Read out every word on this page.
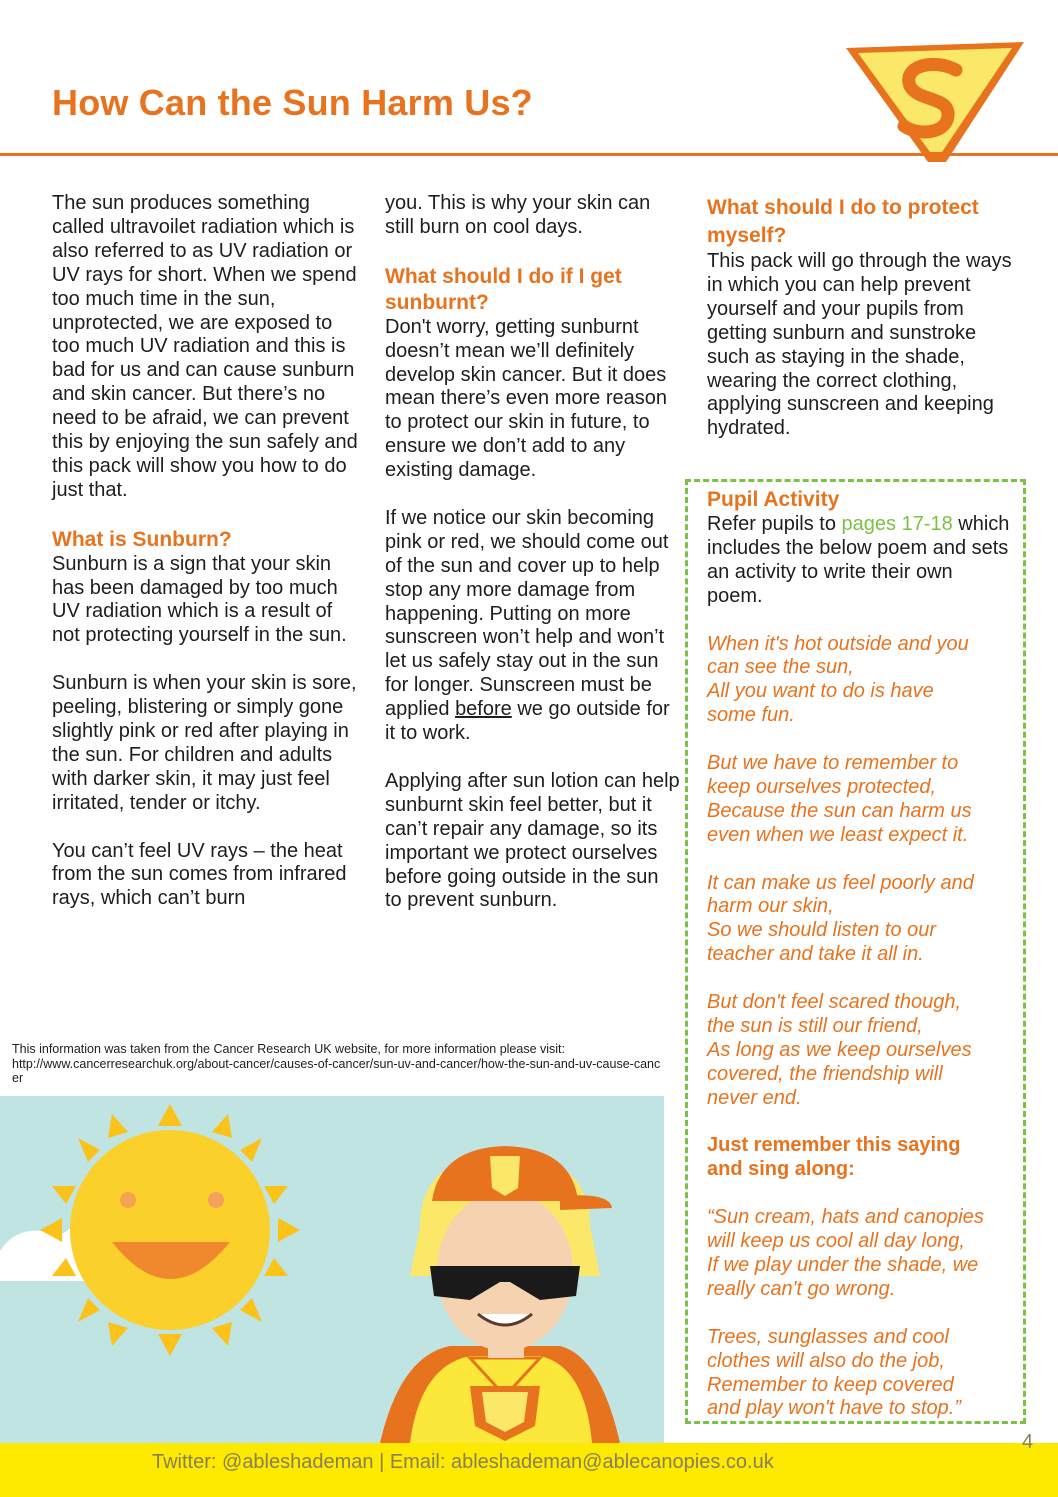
How Can the Sun Harm Us?

The sun produces something called ultravoilet radiation which is also referred to as UV radiation or UV rays for short. When we spend too much time in the sun, unprotected, we are exposed to too much UV radiation and this is bad for us and can cause sunburn and skin cancer. But there’s no need to be afraid, we can prevent this by enjoying the sun safely and this pack will show you how to do just that.

What is Sunburn?

Sunburn is a sign that your skin has been damaged by too much UV radiation which is a result of not protecting yourself in the sun.

Sunburn is when your skin is sore, peeling, blistering or simply gone slightly pink or red after playing in the sun. For children and adults with darker skin, it may just feel irritated, tender or itchy.

You can’t feel UV rays – the heat from the sun comes from infrared rays, which can’t burn

you. This is why your skin can still burn on cool days.

What should I do if I get sunburnt?

Don't worry, getting sunburnt doesn’t mean we’ll definitely develop skin cancer. But it does mean there’s even more reason to protect our skin in future, to ensure we don’t add to any existing damage.

If we notice our skin becoming pink or red, we should come out of the sun and cover up to help stop any more damage from happening. Putting on more sunscreen won’t help and won’t let us safely stay out in the sun for longer. Sunscreen must be applied before we go outside for it to work.

Applying after sun lotion can help sunburnt skin feel better, but it can’t repair any damage, so its important we protect ourselves before going outside in the sun to prevent sunburn.

What should I do to protect myself?

This pack will go through the ways in which you can help prevent yourself and your pupils from getting sunburn and sunstroke such as staying in the shade, wearing the correct clothing, applying sunscreen and keeping hydrated.

Pupil Activity

Refer pupils to pages 17-18 which includes the below poem and sets an activity to write their own poem.

When it's hot outside and you
can see the sun,
All you want to do is have
some fun.

But we have to remember to
keep ourselves protected,
Because the sun can harm us
even when we least expect it.

It can make us feel poorly and
harm our skin,
So we should listen to our
teacher and take it all in.

But don't feel scared though,
the sun is still our friend,
As long as we keep ourselves
covered, the friendship will
never end.

Just remember this saying
and sing along:

“Sun cream, hats and canopies
will keep us cool all day long,
If we play under the shade, we
really can't go wrong.

Trees, sunglasses and cool
clothes will also do the job,
Remember to keep covered
and play won't have to stop.”

This information was taken from the Cancer Research UK website, for more information please visit:
http://www.cancerresearchuk.org/about-cancer/causes-of-cancer/sun-uv-and-cancer/how-the-sun-and-uv-cause-cancer
Twitter: @ableshademan | Email: ableshademan@ablecanopies.co.uk
4
